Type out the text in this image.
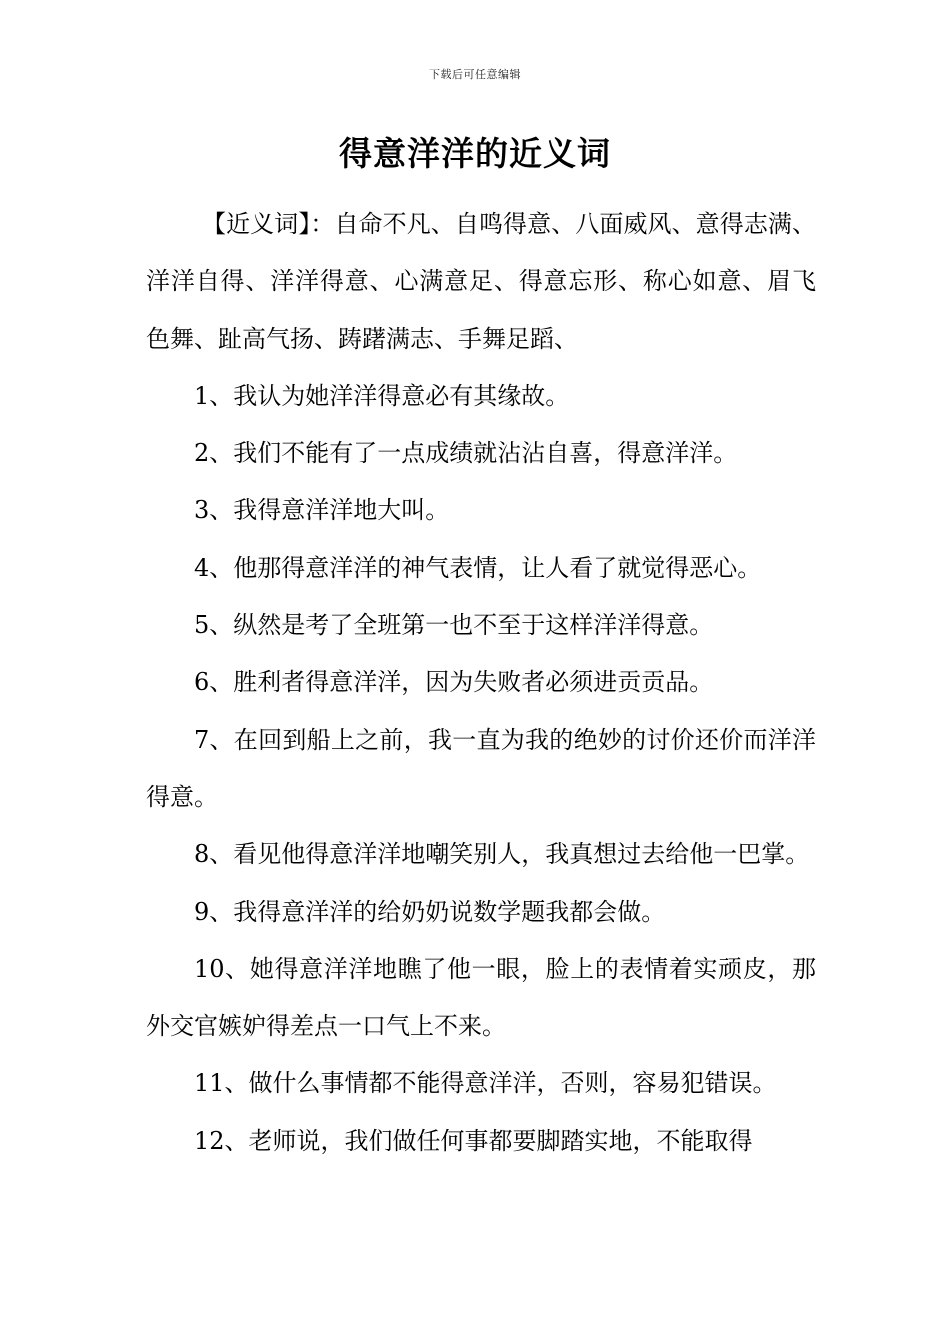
下载后可任意编辑
得意洋洋的近义词

【近义词】：自命不凡、自鸣得意、八面威风、意得志满、洋洋自得、洋洋得意、心满意足、得意忘形、称心如意、眉飞色舞、趾高气扬、踌躇满志、手舞足蹈、

1、我认为她洋洋得意必有其缘故。

2、我们不能有了一点成绩就沾沾自喜，得意洋洋。

3、我得意洋洋地大叫。

4、他那得意洋洋的神气表情，让人看了就觉得恶心。

5、纵然是考了全班第一也不至于这样洋洋得意。

6、胜利者得意洋洋，因为失败者必须进贡贡品。

7、在回到船上之前，我一直为我的绝妙的讨价还价而洋洋得意。

8、看见他得意洋洋地嘲笑别人，我真想过去给他一巴掌。

9、我得意洋洋的给奶奶说数学题我都会做。

10、她得意洋洋地瞧了他一眼，脸上的表情着实顽皮，那外交官嫉妒得差点一口气上不来。

11、做什么事情都不能得意洋洋，否则，容易犯错误。

12、老师说，我们做任何事都要脚踏实地，不能取得
